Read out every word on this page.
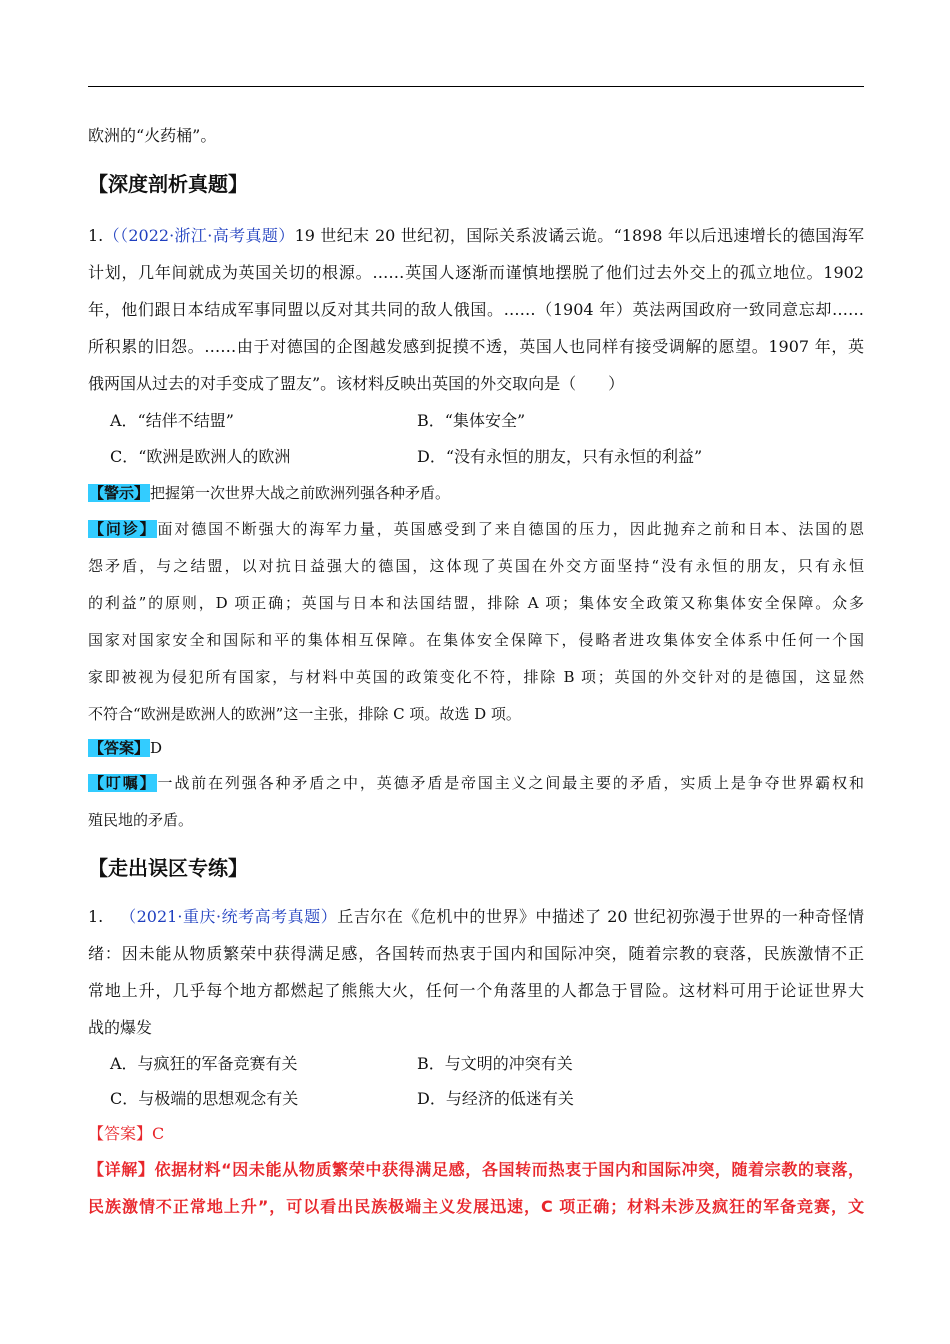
欧洲的“火药桶”。
【深度剖析真题】
1.（（2022·浙江·高考真题）19 世纪末 20 世纪初，国际关系波谲云诡。“1898 年以后迅速增长的德国海军
计划，几年间就成为英国关切的根源。……英国人逐渐而谨慎地摆脱了他们过去外交上的孤立地位。1902
年，他们跟日本结成军事同盟以反对其共同的敌人俄国。……（1904 年）英法两国政府一致同意忘却……
所积累的旧怨。……由于对德国的企图越发感到捉摸不透，英国人也同样有接受调解的愿望。1907 年，英
俄两国从过去的对手变成了盟友”。该材料反映出英国的外交取向是（　　）
A．“结伴不结盟”	B．“集体安全”
C．“欧洲是欧洲人的欧洲	D．“没有永恒的朋友，只有永恒的利益”
【警示】把握第一次世界大战之前欧洲列强各种矛盾。
【问诊】面对德国不断强大的海军力量，英国感受到了来自德国的压力，因此抛弃之前和日本、法国的恩
怨矛盾，与之结盟，以对抗日益强大的德国，这体现了英国在外交方面坚持“没有永恒的朋友，只有永恒
的利益”的原则，D 项正确；英国与日本和法国结盟，排除 A 项；集体安全政策又称集体安全保障。众多
国家对国家安全和国际和平的集体相互保障。在集体安全保障下，侵略者进攻集体安全体系中任何一个国
家即被视为侵犯所有国家，与材料中英国的政策变化不符，排除 B 项；英国的外交针对的是德国，这显然
不符合“欧洲是欧洲人的欧洲”这一主张，排除 C 项。故选 D 项。
【答案】D
【叮嘱】一战前在列强各种矛盾之中，英德矛盾是帝国主义之间最主要的矛盾，实质上是争夺世界霸权和
殖民地的矛盾。
【走出误区专练】
1. （2021·重庆·统考高考真题）丘吉尔在《危机中的世界》中描述了 20 世纪初弥漫于世界的一种奇怪情
绪：因未能从物质繁荣中获得满足感，各国转而热衷于国内和国际冲突，随着宗教的衰落，民族激情不正
常地上升，几乎每个地方都燃起了熊熊大火，任何一个角落里的人都急于冒险。这材料可用于论证世界大
战的爆发
A．与疯狂的军备竞赛有关	B．与文明的冲突有关
C．与极端的思想观念有关	D．与经济的低迷有关
【答案】C
【详解】依据材料“因未能从物质繁荣中获得满足感，各国转而热衷于国内和国际冲突，随着宗教的衰落，
民族激情不正常地上升”，可以看出民族极端主义发展迅速，C 项正确；材料未涉及疯狂的军备竞赛，文
